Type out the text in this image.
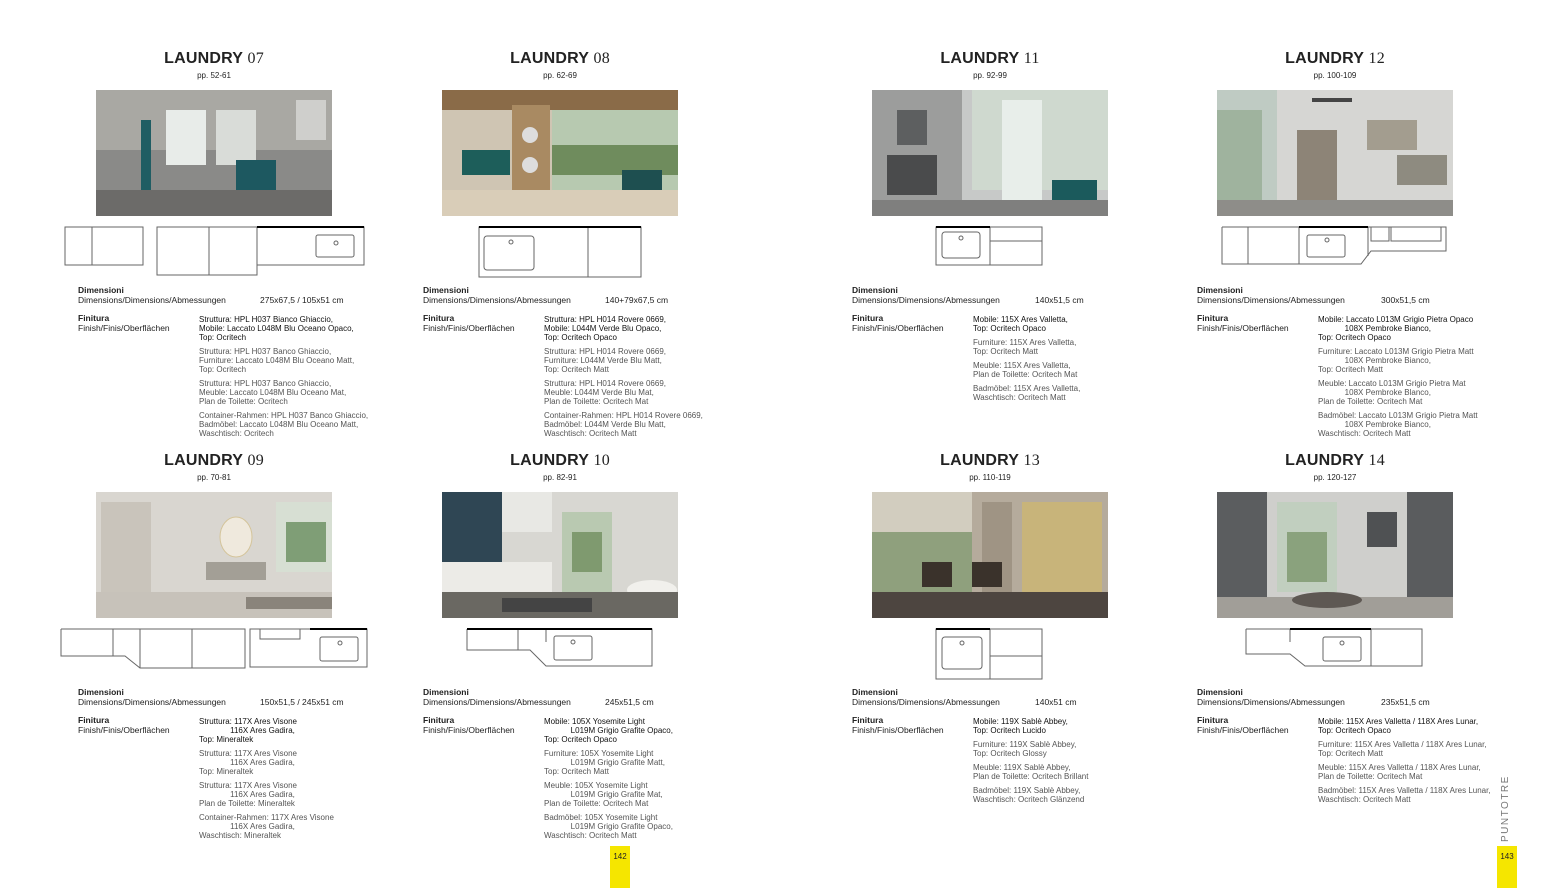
LAUNDRY 07
pp. 52-61
Dimensioni
Dimensions/Dimensions/Abmessungen	275x67,5 / 105x51 cm
Finitura
Finish/Finis/Oberflächen
Struttura: HPL H037 Bianco Ghiaccio,
Mobile: Laccato L048M Blu Oceano Opaco,
Top: Ocritech
Struttura: HPL H037 Banco Ghiaccio,
Furniture: Laccato L048M Blu Oceano Matt,
Top: Ocritech
Struttura: HPL H037 Banco Ghiaccio,
Meuble: Laccato L048M Blu Oceano Mat,
Plan de Toilette: Ocritech
Container-Rahmen: HPL H037 Banco Ghiaccio,
Badmöbel: Laccato L048M Blu Oceano Matt,
Waschtisch: Ocritech
LAUNDRY 08
pp. 62-69
Dimensioni
Dimensions/Dimensions/Abmessungen	140+79x67,5 cm
Finitura
Finish/Finis/Oberflächen
Struttura: HPL H014 Rovere 0669,
Mobile: L044M Verde Blu Opaco,
Top: Ocritech Opaco
Struttura: HPL H014 Rovere 0669,
Furniture: L044M Verde Blu Matt,
Top: Ocritech Matt
Struttura: HPL H014 Rovere 0669,
Meuble: L044M Verde Blu Mat,
Plan de Toilette: Ocritech Mat
Container-Rahmen: HPL H014 Rovere 0669,
Badmöbel: L044M Verde Blu Matt,
Waschtisch: Ocritech Matt
LAUNDRY 11
pp. 92-99
Dimensioni
Dimensions/Dimensions/Abmessungen	140x51,5 cm
Finitura
Finish/Finis/Oberflächen
Mobile: 115X Ares Valletta,
Top: Ocritech Opaco
Furniture: 115X Ares Valletta,
Top: Ocritech Matt
Meuble: 115X Ares Valletta,
Plan de Toilette: Ocritech Mat
Badmöbel: 115X Ares Valletta,
Waschtisch: Ocritech Matt
LAUNDRY 12
pp. 100-109
Dimensioni
Dimensions/Dimensions/Abmessungen	300x51,5 cm
Finitura
Finish/Finis/Oberflächen
Mobile: Laccato L013M Grigio Pietra Opaco
108X Pembroke Bianco,
Top: Ocritech Opaco
Furniture: Laccato L013M Grigio Pietra Matt
108X Pembroke Bianco,
Top: Ocritech Matt
Meuble: Laccato L013M Grigio Pietra Mat
108X Pembroke Blanco,
Plan de Toilette: Ocritech Mat
Badmöbel: Laccato L013M Grigio Pietra Matt
108X Pembroke Bianco,
Waschtisch: Ocritech Matt
LAUNDRY 09
pp. 70-81
Dimensioni
Dimensions/Dimensions/Abmessungen	150x51,5 / 245x51 cm
Finitura
Finish/Finis/Oberflächen
Struttura: 117X Ares Visone
116X Ares Gadira,
Top: Mineraltek
Struttura: 117X Ares Visone
116X Ares Gadira,
Top: Mineraltek
Struttura: 117X Ares Visone
116X Ares Gadira,
Plan de Toilette: Mineraltek
Container-Rahmen: 117X Ares Visone
116X Ares Gadira,
Waschtisch: Mineraltek
LAUNDRY 10
pp. 82-91
Dimensioni
Dimensions/Dimensions/Abmessungen	245x51,5 cm
Finitura
Finish/Finis/Oberflächen
Mobile: 105X Yosemite Light
L019M Grigio Grafite Opaco,
Top: Ocritech Opaco
Furniture: 105X Yosemite Light
L019M Grigio Grafite Matt,
Top: Ocritech Matt
Meuble: 105X Yosemite Light
L019M Grigio Grafite Mat,
Plan de Toilette: Ocritech Mat
Badmöbel: 105X Yosemite Light
L019M Grigio Grafite Opaco,
Waschtisch: Ocritech Matt
LAUNDRY 13
pp. 110-119
Dimensioni
Dimensions/Dimensions/Abmessungen	140x51 cm
Finitura
Finish/Finis/Oberflächen
Mobile: 119X Sablè Abbey,
Top: Ocritech Lucido
Furniture: 119X Sablè Abbey,
Top: Ocritech Glossy
Meuble: 119X Sablè Abbey,
Plan de Toilette: Ocritech Brillant
Badmöbel: 119X Sablè Abbey,
Waschtisch: Ocritech Glänzend
LAUNDRY 14
pp. 120-127
Dimensioni
Dimensions/Dimensions/Abmessungen	235x51,5 cm
Finitura
Finish/Finis/Oberflächen
Mobile: 115X Ares Valletta / 118X Ares Lunar,
Top: Ocritech Opaco
Furniture: 115X Ares Valletta / 118X Ares Lunar,
Top: Ocritech Matt
Meuble: 115X Ares Valletta / 118X Ares Lunar,
Plan de Toilette: Ocritech Mat
Badmöbel: 115X Ares Valletta / 118X Ares Lunar,
Waschtisch: Ocritech Matt
142	143
PUNTOTRE
